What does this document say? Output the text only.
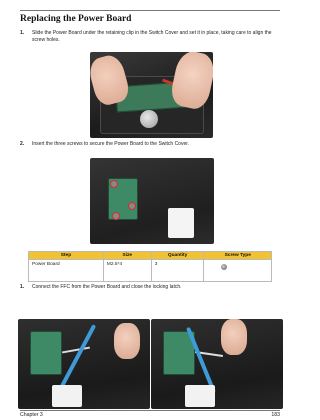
Replacing the Power Board
1.	Slide the Power Board under the retaining clip in the Switch Cover and set it in place, taking care to align the screw holes.
2.	Insert the three screws to secure the Power Board to the Switch Cover.
Step	Size	Quantity	Screw Type
Power Board	M2.5*4	3	
1.	Connect the FFC from the Power Board and close the locking latch.
Chapter 3	183
